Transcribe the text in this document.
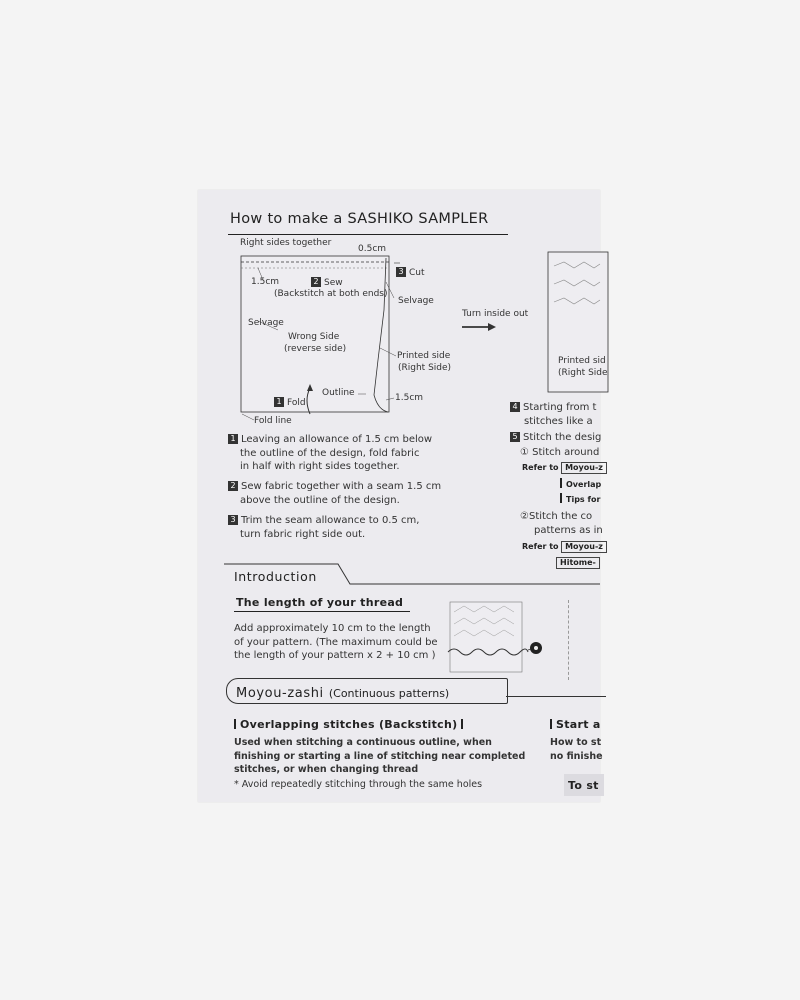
How to make a SASHIKO SAMPLER
Right sides together
0.5cm
3 Cut
1.5cm	2 Sew
(Backstitch at both ends)
Selvage
Selvage
Wrong Side
(reverse side)
Printed side
(Right Side)
Outline	1.5cm
1 Fold
Fold line
Turn inside out
Printed sid
(Right Side
1 Leaving an allowance of 1.5 cm below
the outline of the design, fold fabric
in half with right sides together.
2 Sew fabric together with a seam 1.5 cm
above the outline of the design.
3 Trim the seam allowance to 0.5 cm,
turn fabric right side out.
4 Starting from t
stitches like a
5 Stitch the desig
① Stitch around
Refer to Moyou-z
Overlap
Tips for
②Stitch the co
patterns as in
Refer to Moyou-z
Hitome-
Introduction
The length of your thread
Add approximately 10 cm to the length
of your pattern. (The maximum could be
the length of your pattern x 2 + 10 cm )
Moyou-zashi (Continuous patterns)
Overlapping stitches (Backstitch)
Used when stitching a continuous outline, when
finishing or starting a line of stitching near completed
stitches, or when changing thread
* Avoid repeatedly stitching through the same holes
Start a
How to st
no finishe
To st
